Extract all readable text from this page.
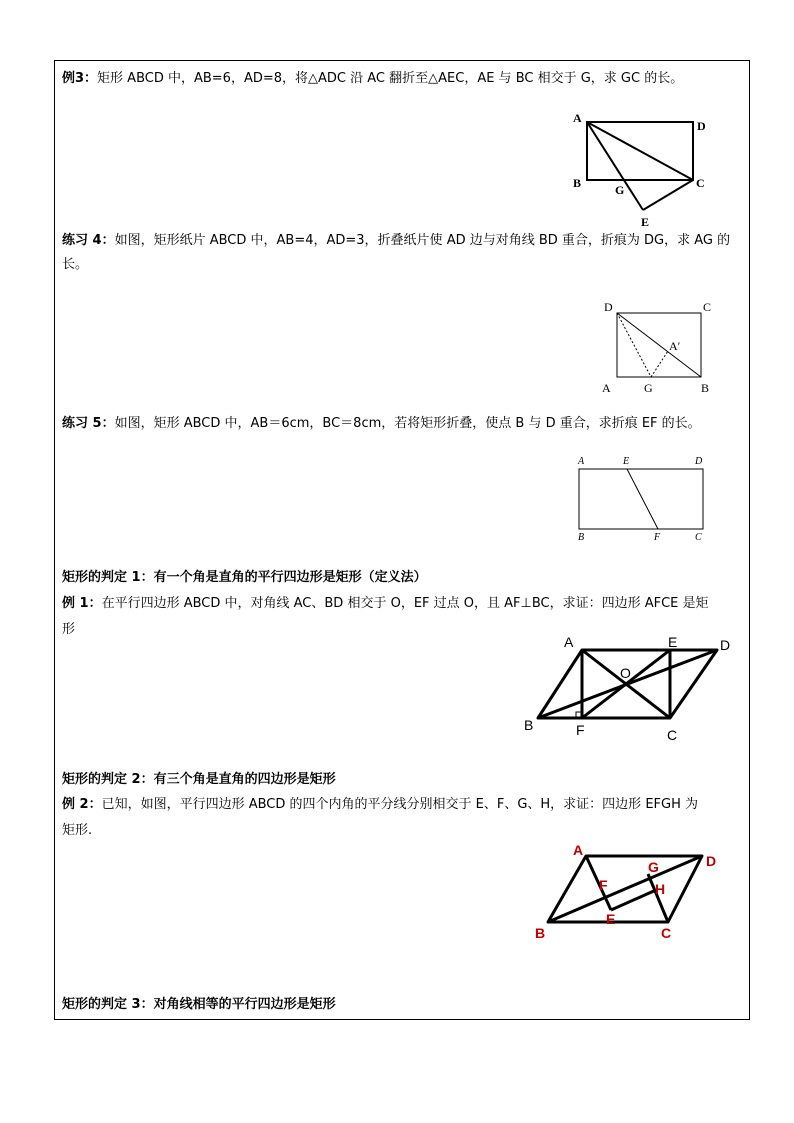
例3：矩形 ABCD 中，AB=6，AD=8，将△ADC 沿 AC 翻折至△AEC，AE 与 BC 相交于 G，求 GC 的长。
A
D
B	C
G
E
练习 4：如图，矩形纸片 ABCD 中，AB=4，AD=3，折叠纸片使 AD 边与对角线 BD 重合，折痕为 DG，求 AG 的
长。
D	C
A	G	B
A′
练习 5：如图，矩形 ABCD 中，AB＝6cm，BC＝8cm，若将矩形折叠，使点 B 与 D 重合，求折痕 EF 的长。
A	E	D
B	F	C
矩形的判定 1：有一个角是直角的平行四边形是矩形（定义法）
例 1：在平行四边形 ABCD 中，对角线 AC、BD 相交于 O，EF 过点 O，且 AF⊥BC，求证：四边形 AFCE 是矩
形
A	E	D
O
B	F	C
矩形的判定 2：有三个角是直角的四边形是矩形
例 2：已知，如图，平行四边形 ABCD 的四个内角的平分线分别相交于 E、F、G、H，求证：四边形 EFGH 为
矩形.
A
D
G
F	H
E
B	C
矩形的判定 3：对角线相等的平行四边形是矩形
